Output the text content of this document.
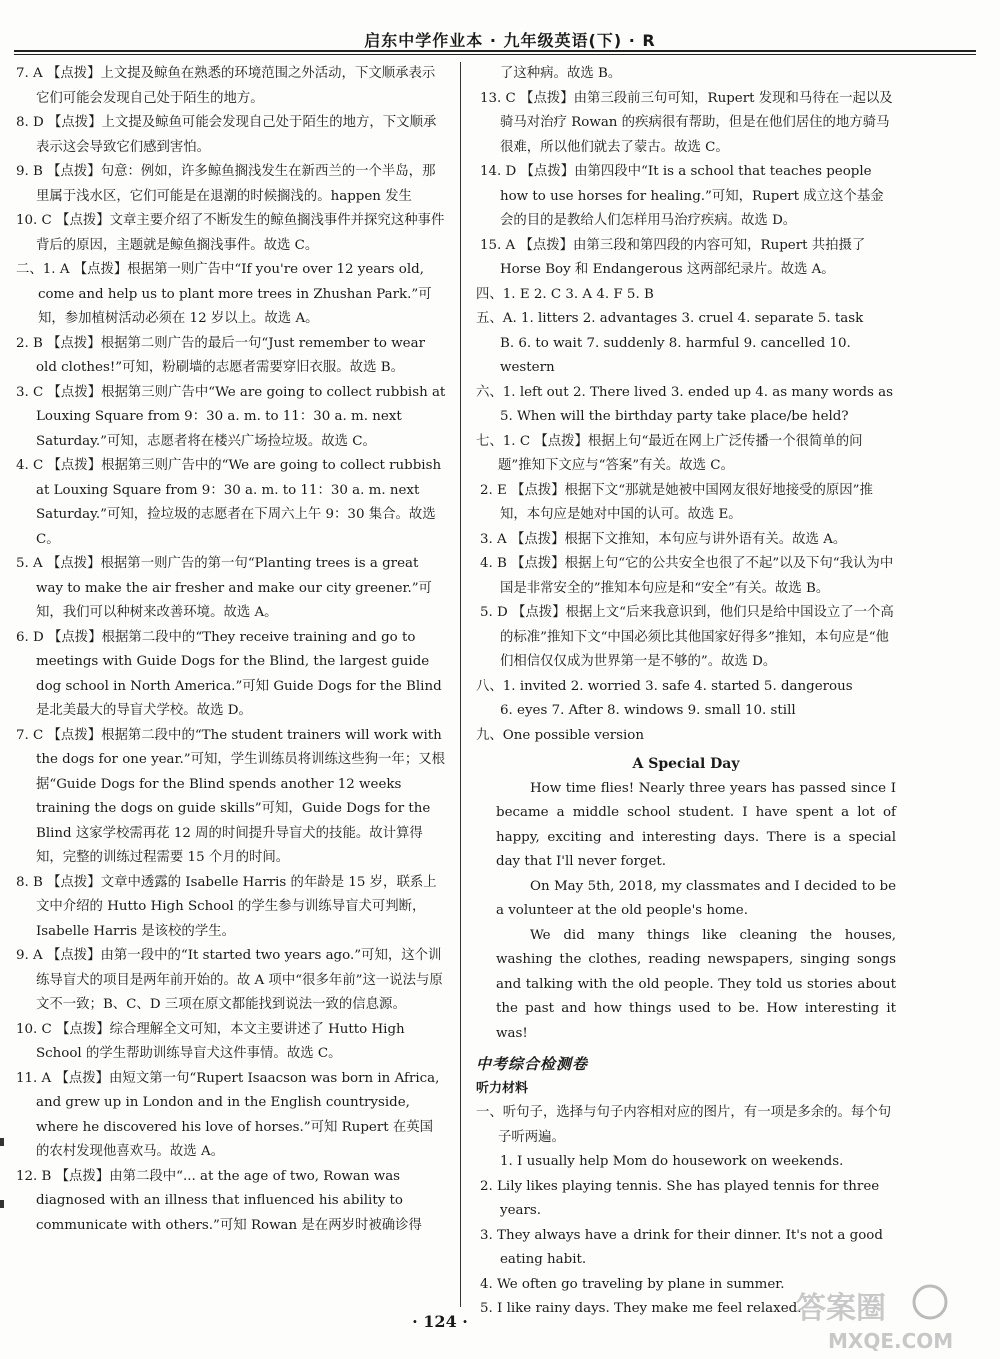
启东中学作业本 · 九年级英语(下) · R

7. A 【点拨】上文提及鲸鱼在熟悉的环境范围之外活动，下文顺承表示它们可能会发现自己处于陌生的地方。

8. D 【点拨】上文提及鲸鱼可能会发现自己处于陌生的地方，下文顺承表示这会导致它们感到害怕。

9. B 【点拨】句意：例如，许多鲸鱼搁浅发生在新西兰的一个半岛，那里属于浅水区，它们可能是在退潮的时候搁浅的。happen 发生

10. C 【点拨】文章主要介绍了不断发生的鲸鱼搁浅事件并探究这种事件背后的原因，主题就是鲸鱼搁浅事件。故选 C。

二、1. A 【点拨】根据第一则广告中“If you're over 12 years old, come and help us to plant more trees in Zhushan Park.”可知，参加植树活动必须在 12 岁以上。故选 A。

2. B 【点拨】根据第二则广告的最后一句“Just remember to wear old clothes!”可知，粉刷墙的志愿者需要穿旧衣服。故选 B。

3. C 【点拨】根据第三则广告中“We are going to collect rubbish at Louxing Square from 9：30 a. m. to 11：30 a. m. next Saturday.”可知，志愿者将在楼兴广场捡垃圾。故选 C。

4. C 【点拨】根据第三则广告中的“We are going to collect rubbish at Louxing Square from 9：30 a. m. to 11：30 a. m. next Saturday.”可知，捡垃圾的志愿者在下周六上午 9：30 集合。故选 C。

5. A 【点拨】根据第一则广告的第一句“Planting trees is a great way to make the air fresher and make our city greener.”可知，我们可以种树来改善环境。故选 A。

6. D 【点拨】根据第二段中的“They receive training and go to meetings with Guide Dogs for the Blind, the largest guide dog school in North America.”可知 Guide Dogs for the Blind 是北美最大的导盲犬学校。故选 D。

7. C 【点拨】根据第二段中的“The student trainers will work with the dogs for one year.”可知，学生训练员将训练这些狗一年；又根据“Guide Dogs for the Blind spends another 12 weeks training the dogs on guide skills”可知，Guide Dogs for the Blind 这家学校需再花 12 周的时间提升导盲犬的技能。故计算得知，完整的训练过程需要 15 个月的时间。

8. B 【点拨】文章中透露的 Isabelle Harris 的年龄是 15 岁，联系上文中介绍的 Hutto High School 的学生参与训练导盲犬可判断，Isabelle Harris 是该校的学生。

9. A 【点拨】由第一段中的“It started two years ago.”可知，这个训练导盲犬的项目是两年前开始的。故 A 项中“很多年前”这一说法与原文不一致；B、C、D 三项在原文都能找到说法一致的信息源。

10. C 【点拨】综合理解全文可知，本文主要讲述了 Hutto High School 的学生帮助训练导盲犬这件事情。故选 C。

11. A 【点拨】由短文第一句“Rupert Isaacson was born in Africa, and grew up in London and in the English countryside, where he discovered his love of horses.”可知 Rupert 在英国的农村发现他喜欢马。故选 A。

12. B 【点拨】由第二段中“... at the age of two, Rowan was diagnosed with an illness that influenced his ability to communicate with others.”可知 Rowan 是在两岁时被确诊得

了这种病。故选 B。

13. C 【点拨】由第三段前三句可知，Rupert 发现和马待在一起以及骑马对治疗 Rowan 的疾病很有帮助，但是在他们居住的地方骑马很难，所以他们就去了蒙古。故选 C。

14. D 【点拨】由第四段中“It is a school that teaches people how to use horses for healing.”可知，Rupert 成立这个基金会的目的是教给人们怎样用马治疗疾病。故选 D。

15. A 【点拨】由第三段和第四段的内容可知，Rupert 共拍摄了 Horse Boy 和 Endangerous 这两部纪录片。故选 A。

四、1. E 2. C 3. A 4. F 5. B

五、A. 1. litters 2. advantages 3. cruel 4. separate 5. task

B. 6. to wait 7. suddenly 8. harmful 9. cancelled 10. western

六、1. left out 2. There lived 3. ended up 4. as many words as

5. When will the birthday party take place/be held?

七、1. C 【点拨】根据上句“最近在网上广泛传播一个很简单的问题”推知下文应与“答案”有关。故选 C。

2. E 【点拨】根据下文“那就是她被中国网友很好地接受的原因”推知，本句应是她对中国的认可。故选 E。

3. A 【点拨】根据下文推知，本句应与讲外语有关。故选 A。

4. B 【点拨】根据上句“它的公共安全也很了不起”以及下句“我认为中国是非常安全的”推知本句应是和“安全”有关。故选 B。

5. D 【点拨】根据上文“后来我意识到，他们只是给中国设立了一个高的标准”推知下文“中国必须比其他国家好得多”推知，本句应是“他们相信仅仅成为世界第一是不够的”。故选 D。

八、1. invited 2. worried 3. safe 4. started 5. dangerous

6. eyes 7. After 8. windows 9. small 10. still

九、One possible version

A Special Day

How time flies! Nearly three years has passed since I became a middle school student. I have spent a lot of happy, exciting and interesting days. There is a special day that I'll never forget.

On May 5th, 2018, my classmates and I decided to be a volunteer at the old people's home.

We did many things like cleaning the houses, washing the clothes, reading newspapers, singing songs and talking with the old people. They told us stories about the past and how things used to be. How interesting it was!

中考综合检测卷

听力材料

一、听句子，选择与句子内容相对应的图片，有一项是多余的。每个句子听两遍。

1. I usually help Mom do housework on weekends.

2. Lily likes playing tennis. She has played tennis for three years.

3. They always have a drink for their dinner. It's not a good eating habit.

4. We often go traveling by plane in summer.

5. I like rainy days. They make me feel relaxed.

· 124 ·	答案圈
MXQE.COM
